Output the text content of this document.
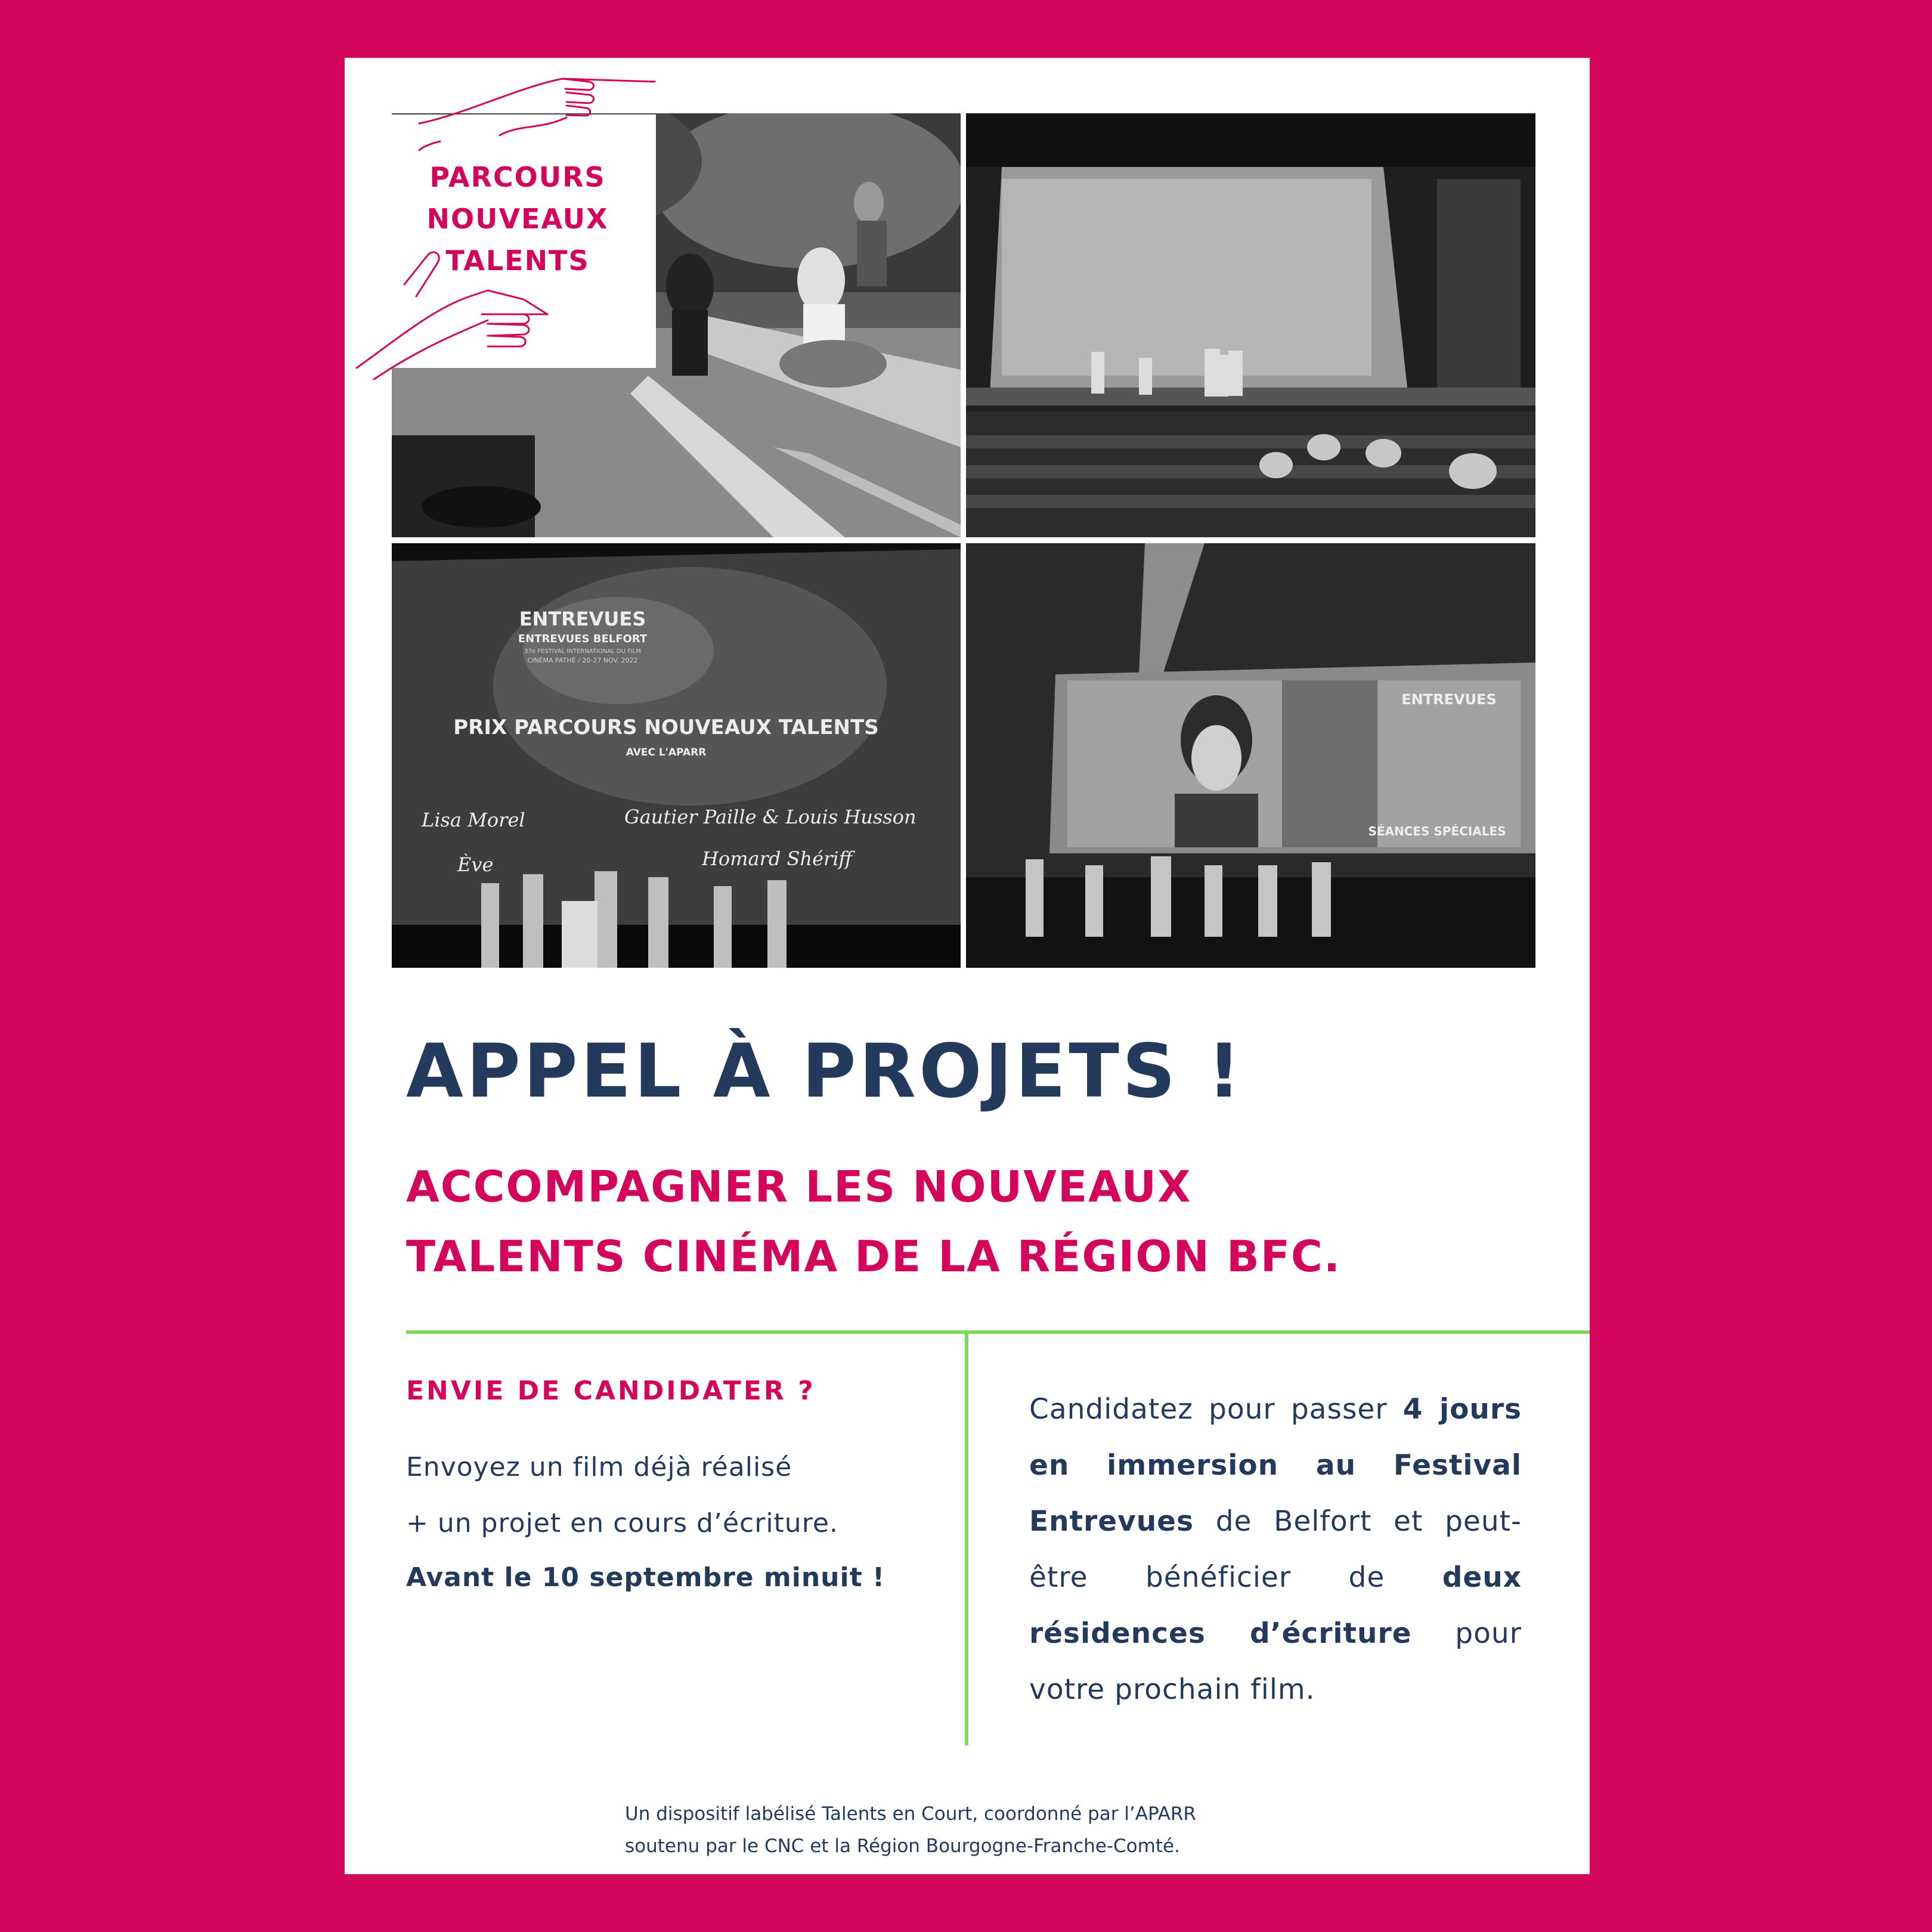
ENTREVUES
ENTREVUES BELFORT
37e FESTIVAL INTERNATIONAL DU FILM
CINÉMA PATHÉ / 20-27 NOV. 2022
PRIX PARCOURS NOUVEAUX TALENTS
AVEC L'APARR
Lisa Morel
Ève
Gautier Paille & Louis Husson
Homard Shériff
ENTREVUES
SÉANCES SPÉCIALES
PARCOURS
NOUVEAUX
TALENTS
APPEL À PROJETS !
ACCOMPAGNER LES NOUVEAUX
TALENTS CINÉMA DE LA RÉGION BFC.
ENVIE DE CANDIDATER ?
Envoyez un film déjà réalisé
+ un projet en cours d’écriture.
Avant le 10 septembre minuit !
Candidatez pour passer 4 jours en immersion au Festival Entrevues de Belfort et peut-être bénéficier de deux résidences d’écriture pour votre prochain film.
Un dispositif labélisé Talents en Court, coordonné par l’APARR
soutenu par le CNC et la Région Bourgogne-Franche-Comté.
